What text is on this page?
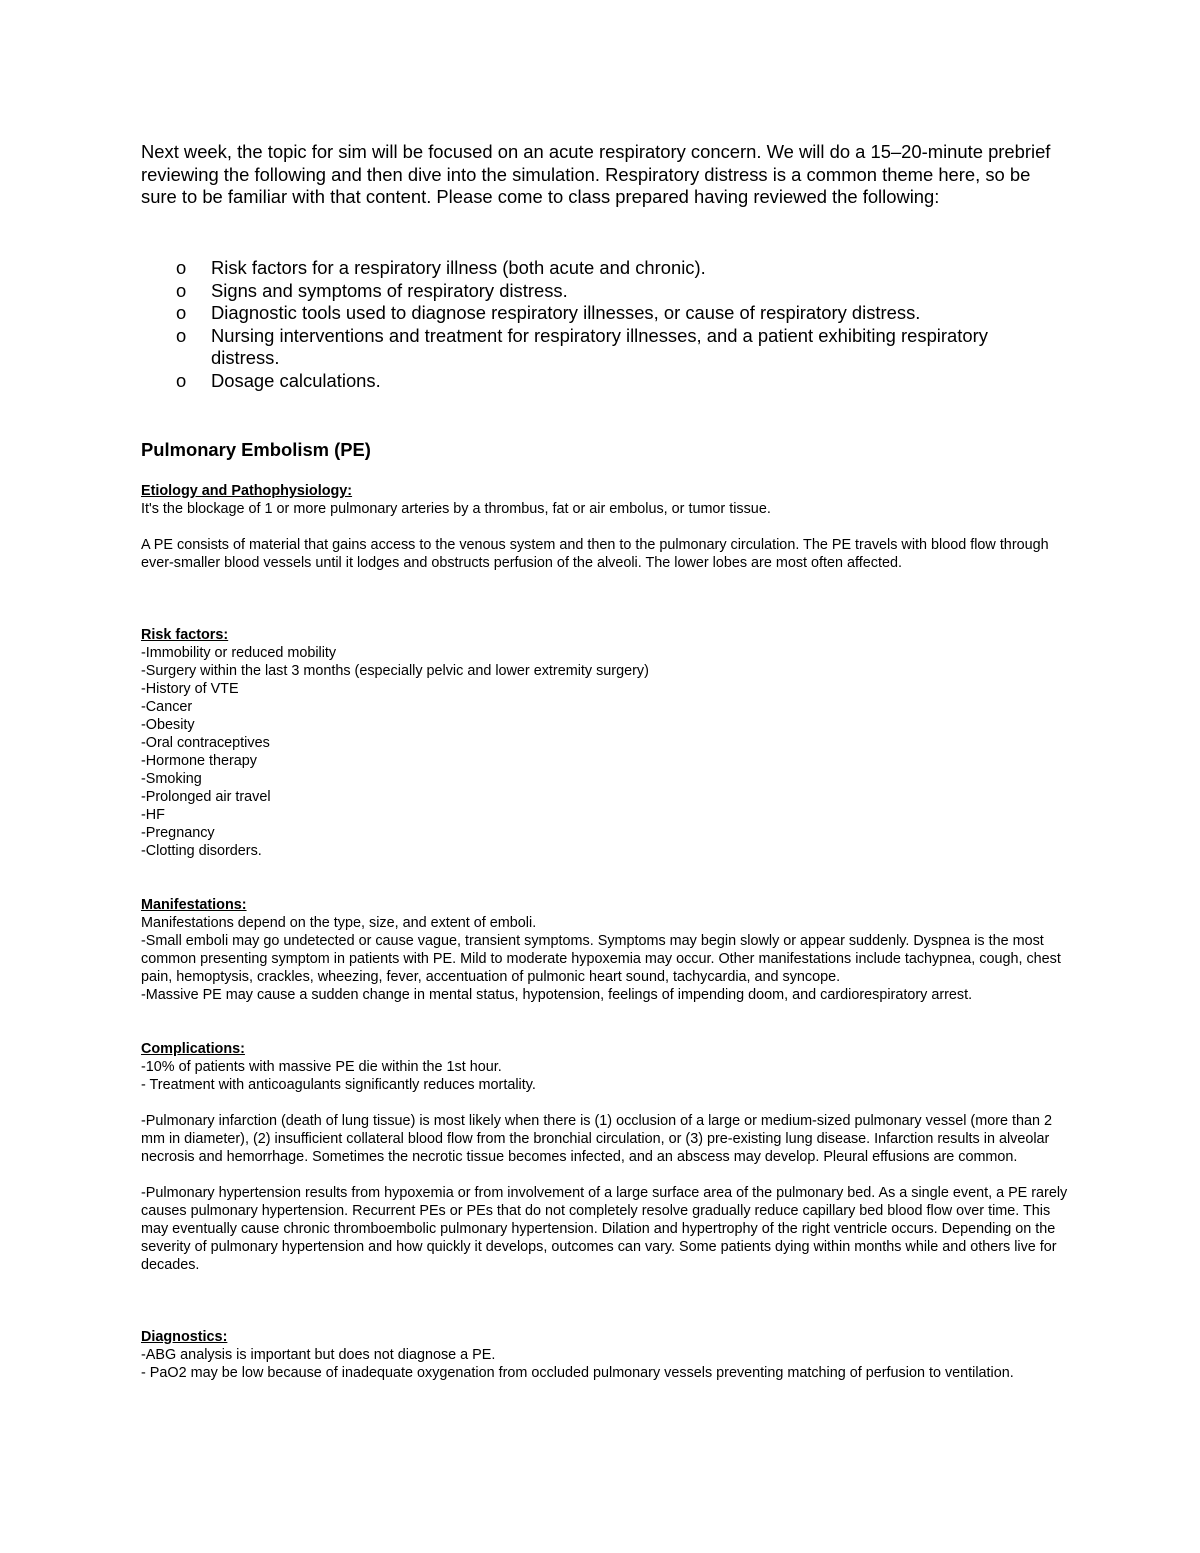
Next week, the topic for sim will be focused on an acute respiratory concern. We will do a 15–20-minute prebrief reviewing the following and then dive into the simulation. Respiratory distress is a common theme here, so be sure to be familiar with that content. Please come to class prepared having reviewed the following:

o Risk factors for a respiratory illness (both acute and chronic).
o Signs and symptoms of respiratory distress.
o Diagnostic tools used to diagnose respiratory illnesses, or cause of respiratory distress.
o Nursing interventions and treatment for respiratory illnesses, and a patient exhibiting respiratory distress.
o Dosage calculations.
Pulmonary Embolism (PE)

Etiology and Pathophysiology:

It's the blockage of 1 or more pulmonary arteries by a thrombus, fat or air embolus, or tumor tissue.

A PE consists of material that gains access to the venous system and then to the pulmonary circulation. The PE travels with blood flow through ever-smaller blood vessels until it lodges and obstructs perfusion of the alveoli. The lower lobes are most often affected.

Risk factors:

-Immobility or reduced mobility

-Surgery within the last 3 months (especially pelvic and lower extremity surgery)

-History of VTE

-Cancer

-Obesity

-Oral contraceptives

-Hormone therapy

-Smoking

-Prolonged air travel

-HF

-Pregnancy

-Clotting disorders.

Manifestations:

Manifestations depend on the type, size, and extent of emboli.

-Small emboli may go undetected or cause vague, transient symptoms. Symptoms may begin slowly or appear suddenly. Dyspnea is the most common presenting symptom in patients with PE. Mild to moderate hypoxemia may occur. Other manifestations include tachypnea, cough, chest pain, hemoptysis, crackles, wheezing, fever, accentuation of pulmonic heart sound, tachycardia, and syncope.

-Massive PE may cause a sudden change in mental status, hypotension, feelings of impending doom, and cardiorespiratory arrest.

Complications:

-10% of patients with massive PE die within the 1st hour.

- Treatment with anticoagulants significantly reduces mortality.

-Pulmonary infarction (death of lung tissue) is most likely when there is (1) occlusion of a large or medium-sized pulmonary vessel (more than 2 mm in diameter), (2) insufficient collateral blood flow from the bronchial circulation, or (3) pre-existing lung disease. Infarction results in alveolar necrosis and hemorrhage. Sometimes the necrotic tissue becomes infected, and an abscess may develop. Pleural effusions are common.

-Pulmonary hypertension results from hypoxemia or from involvement of a large surface area of the pulmonary bed. As a single event, a PE rarely causes pulmonary hypertension. Recurrent PEs or PEs that do not completely resolve gradually reduce capillary bed blood flow over time. This may eventually cause chronic thromboembolic pulmonary hypertension. Dilation and hypertrophy of the right ventricle occurs. Depending on the severity of pulmonary hypertension and how quickly it develops, outcomes can vary. Some patients dying within months while and others live for decades.

Diagnostics:

-ABG analysis is important but does not diagnose a PE.

- PaO2 may be low because of inadequate oxygenation from occluded pulmonary vessels preventing matching of perfusion to ventilation.
